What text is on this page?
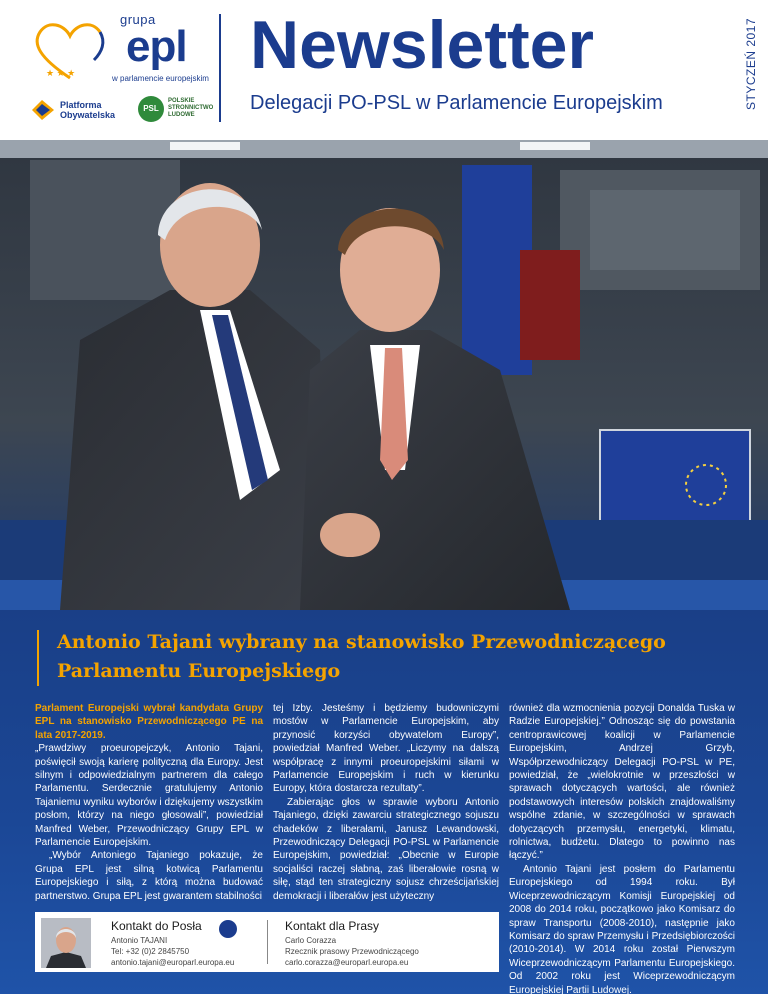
★ ★ ★
grupa
epl
w parlamencie europejskim
Platforma
Obywatelska
PSL
POLSKIE
STRONNICTWO
LUDOWE
Newsletter
Delegacji PO-PSL w Parlamencie Europejskim	STYCZEŃ 2017
Antonio Tajani wybrany na stanowisko Przewodniczącego Parlamentu Europejskiego

Parlament Europejski wybrał kandydata Grupy EPL na stanowisko Przewodniczącego PE na lata 2017-2019.

„Prawdziwy proeuropejczyk, Antonio Tajani, poświęcił swoją karierę polityczną dla Europy. Jest silnym i odpowiedzialnym partnerem dla całego Parlamentu. Serdecznie gratulujemy Antonio Tajaniemu wyniku wyborów i dziękujemy wszystkim posłom, którzy na niego głosowali”, powiedział Manfred Weber, Przewodniczący Grupy EPL w Parlamencie Europejskim.

„Wybór Antoniego Tajaniego pokazuje, że Grupa EPL jest silną kotwicą Parlamentu Europejskiego i siłą, z którą można budować partnerstwo. Grupa EPL jest gwarantem stabilności

tej Izby. Jesteśmy i będziemy budowniczymi mostów w Parlamencie Europejskim, aby przynosić korzyści obywatelom Europy”, powiedział Manfred Weber. „Liczymy na dalszą współpracę z innymi proeuropejskimi siłami w Parlamencie Europejskim i ruch w kierunku Europy, która dostarcza rezultaty”.

Zabierając głos w sprawie wyboru Antonio Tajaniego, dzięki zawarciu strategicznego sojuszu chadeków z liberałami, Janusz Lewandowski, Przewodniczący Delegacji PO-PSL w Parlamencie Europejskim, powiedział: „Obecnie w Europie socjaliści raczej słabną, zaś liberałowie rosną w siłę, stąd ten strategiczny sojusz chrześcijańskiej demokracji i liberałów jest użyteczny

również dla wzmocnienia pozycji Donalda Tuska w Radzie Europejskiej.” Odnosząc się do powstania centroprawicowej koalicji w Parlamencie Europejskim, Andrzej Grzyb, Współprzewodniczący Delegacji PO-PSL w PE, powiedział, że „wielokrotnie w przeszłości w sprawach dotyczących wartości, ale również podstawowych interesów polskich znajdowaliśmy wspólne zdanie, w szczególności w sprawach dotyczących przemysłu, energetyki, klimatu, rolnictwa, budżetu. Dlatego to powinno nas łączyć.”

Antonio Tajani jest posłem do Parlamentu Europejskiego od 1994 roku. Był Wiceprzewodniczącym Komisji Europejskiej od 2008 do 2014 roku, początkowo jako Komisarz do spraw Transportu (2008-2010), następnie jako Komisarz do spraw Przemysłu i Przedsiębiorczości (2010-2014). W 2014 roku został Pierwszym Wiceprzewodniczącym Parlamentu Europejskiego. Od 2002 roku jest Wiceprzewodniczącym Europejskiej Partii Ludowej.

Kontakt do Posła
Antonio TAJANI
Tel: +32 (0)2 2845750
antonio.tajani@europarl.europa.eu
Kontakt dla Prasy
Carlo Corazza
Rzecznik prasowy Przewodniczącego
carlo.corazza@europarl.europa.eu
